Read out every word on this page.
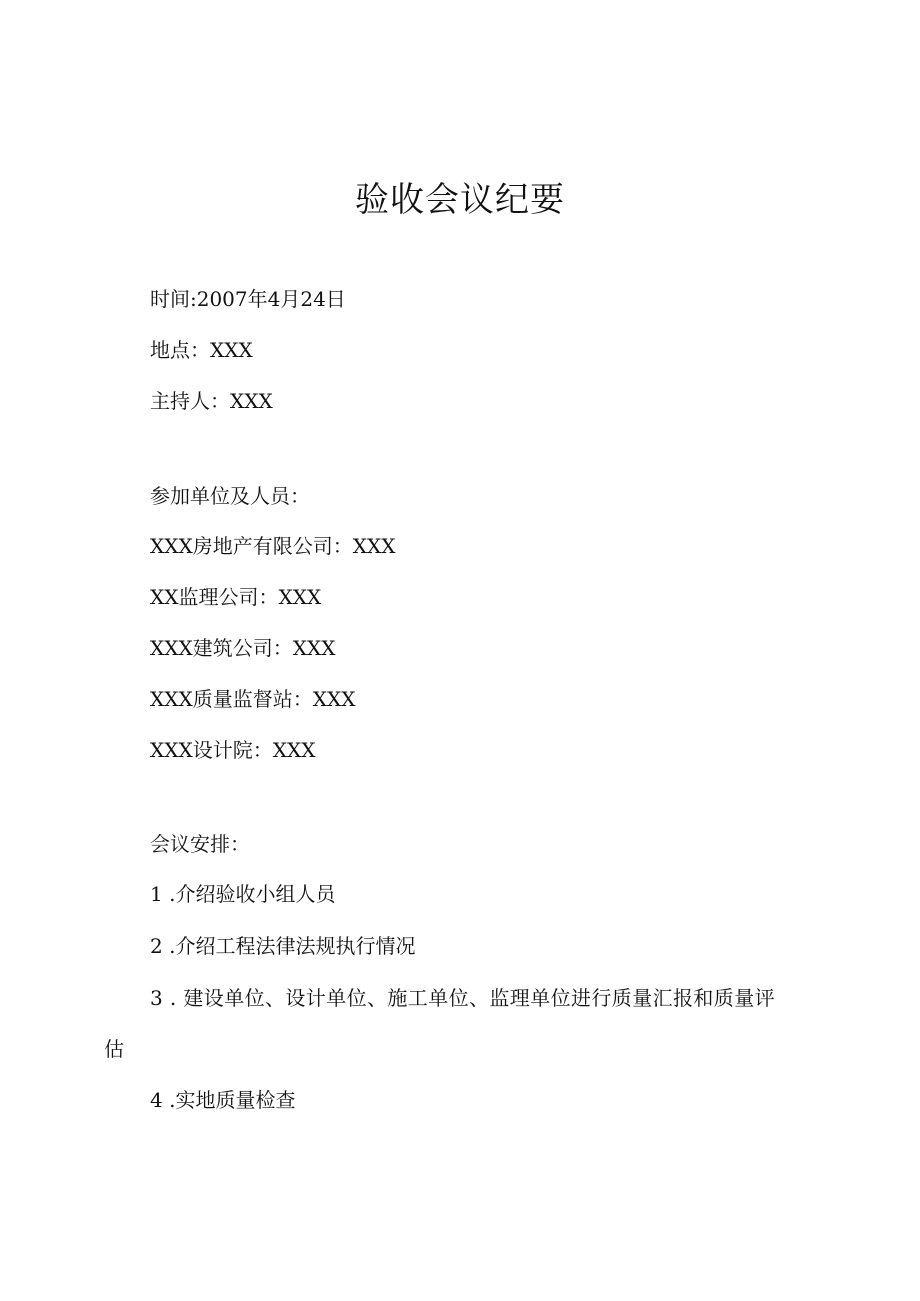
验收会议纪要
时间:2007年4月24日
地点：XXX
主持人：XXX
参加单位及人员：
XXX房地产有限公司：XXX
XX监理公司：XXX
XXX建筑公司：XXX
XXX质量监督站：XXX
XXX设计院：XXX
会议安排：
1 .介绍验收小组人员
2 .介绍工程法律法规执行情况
3 . 建设单位、设计单位、施工单位、监理单位进行质量汇报和质量评
估
4 .实地质量检查
